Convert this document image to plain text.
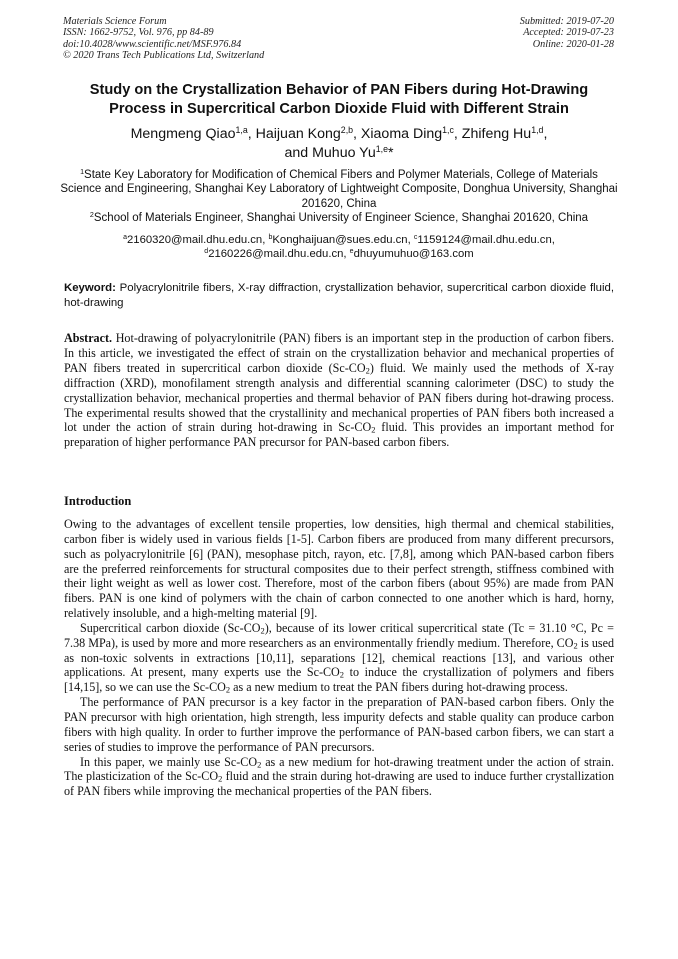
Materials Science Forum
ISSN: 1662-9752, Vol. 976, pp 84-89
doi:10.4028/www.scientific.net/MSF.976.84
© 2020 Trans Tech Publications Ltd, Switzerland
Submitted: 2019-07-20
Accepted: 2019-07-23
Online: 2020-01-28
Study on the Crystallization Behavior of PAN Fibers during Hot-Drawing
Process in Supercritical Carbon Dioxide Fluid with Different Strain
Mengmeng Qiao$^{1,a}$, Haijuan Kong$^{2,b}$, Xiaoma Ding$^{1,c}$, Zhifeng Hu$^{1,d}$,
and Muhuo Yu$^{1,e}$*
$^1$State Key Laboratory for Modification of Chemical Fibers and Polymer Materials, College of Materials Science and Engineering, Shanghai Key Laboratory of Lightweight Composite, Donghua University, Shanghai 201620, China
$^2$School of Materials Engineer, Shanghai University of Engineer Science, Shanghai 201620, China
$^a$2160320@mail.dhu.edu.cn, $^b$Konghaijuan@sues.edu.cn, $^c$1159124@mail.dhu.edu.cn,
$^d$2160226@mail.dhu.edu.cn, $^e$dhuyumuhuo@163.com
Keyword: Polyacrylonitrile fibers, X-ray diffraction, crystallization behavior, supercritical carbon dioxide fluid, hot-drawing
Abstract. Hot-drawing of polyacrylonitrile (PAN) fibers is an important step in the production of carbon fibers. In this article, we investigated the effect of strain on the crystallization behavior and mechanical properties of PAN fibers treated in supercritical carbon dioxide $(Sc-CO_2)$ fluid. We mainly used the methods of X-ray diffraction (XRD), monofilament strength analysis and differential scanning calorimeter (DSC) to study the crystallization behavior, mechanical properties and thermal behavior of PAN fibers during hot-drawing process. The experimental results showed that the crystallinity and mechanical properties of PAN fibers both increased a lot under the action of strain during hot-drawing in $Sc-CO_2$ fluid. This provides an important method for preparation of higher performance PAN precursor for PAN-based carbon fibers.
Introduction

Owing to the advantages of excellent tensile properties, low densities, high thermal and chemical stabilities, carbon fiber is widely used in various fields [1-5]. Carbon fibers are produced from many different precursors, such as polyacrylonitrile [6] (PAN), mesophase pitch, rayon, etc. [7,8], among which PAN-based carbon fibers are the preferred reinforcements for structural composites due to their perfect strength, stiffness combined with their light weight as well as lower cost. Therefore, most of the carbon fibers (about 95%) are made from PAN fibers. PAN is one kind of polymers with the chain of carbon connected to one another which is hard, horny, relatively insoluble, and a high-melting material [9].

Supercritical carbon dioxide $(Sc-CO_2)$, because of its lower critical supercritical state (Tc = 31.10 °C, Pc = 7.38 MPa), is used by more and more researchers as an environmentally friendly medium. Therefore, $CO_2$ is used as non-toxic solvents in extractions [10,11], separations [12], chemical reactions [13], and various other applications. At present, many experts use the $Sc-CO_2$ to induce the crystallization of polymers and fibers [14,15], so we can use the $Sc-CO_2$ as a new medium to treat the PAN fibers during hot-drawing process.

The performance of PAN precursor is a key factor in the preparation of PAN-based carbon fibers. Only the PAN precursor with high orientation, high strength, less impurity defects and stable quality can produce carbon fibers with high quality. In order to further improve the performance of PAN-based carbon fibers, we can start a series of studies to improve the performance of PAN precursors.

In this paper, we mainly use $Sc-CO_2$ as a new medium for hot-drawing treatment under the action of strain. The plasticization of the $Sc-CO_2$ fluid and the strain during hot-drawing are used to induce further crystallization of PAN fibers while improving the mechanical properties of the PAN fibers.
